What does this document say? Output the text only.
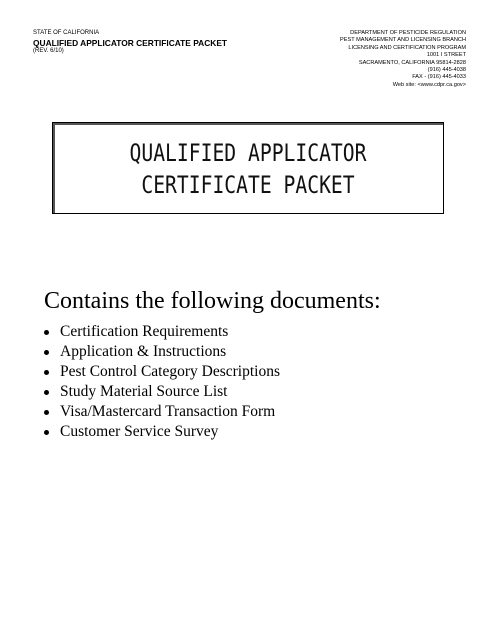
STATE OF CALIFORNIA
QUALIFIED APPLICATOR CERTIFICATE PACKET
(REV. 6/10)
DEPARTMENT OF PESTICIDE REGULATION
PEST MANAGEMENT AND LICENSING BRANCH
LICENSING AND CERTIFICATION PROGRAM
1001 I STREET
SACRAMENTO, CALIFORNIA 95814-2828
(916) 445-4038
FAX - (916) 445-4033
Web site: <www.cdpr.ca.gov>
QUALIFIED APPLICATOR
CERTIFICATE PACKET
Contains the following documents:
Certification Requirements
Application & Instructions
Pest Control Category Descriptions
Study Material Source List
Visa/Mastercard Transaction Form
Customer Service Survey
